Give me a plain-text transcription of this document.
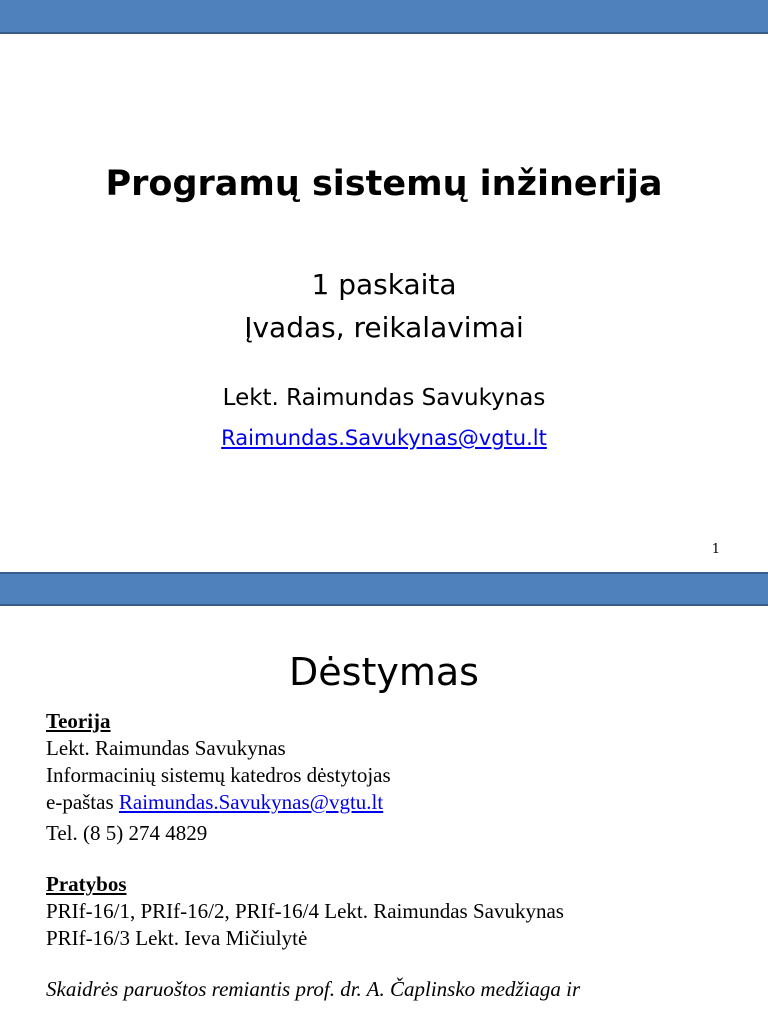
Programų sistemų inžinerija
1 paskaita
Įvadas, reikalavimai
Lekt. Raimundas Savukynas
Raimundas.Savukynas@vgtu.lt
1
Dėstymas
Teorija
Lekt. Raimundas Savukynas
Informacinių sistemų katedros dėstytojas
e-paštas Raimundas.Savukynas@vgtu.lt
Tel. (8 5) 274 4829
Pratybos
PRIf-16/1, PRIf-16/2, PRIf-16/4 Lekt. Raimundas Savukynas
PRIf-16/3 Lekt. Ieva Mičiulytė
Skaidrės paruoštos remiantis prof. dr. A. Čaplinsko medžiaga ir
